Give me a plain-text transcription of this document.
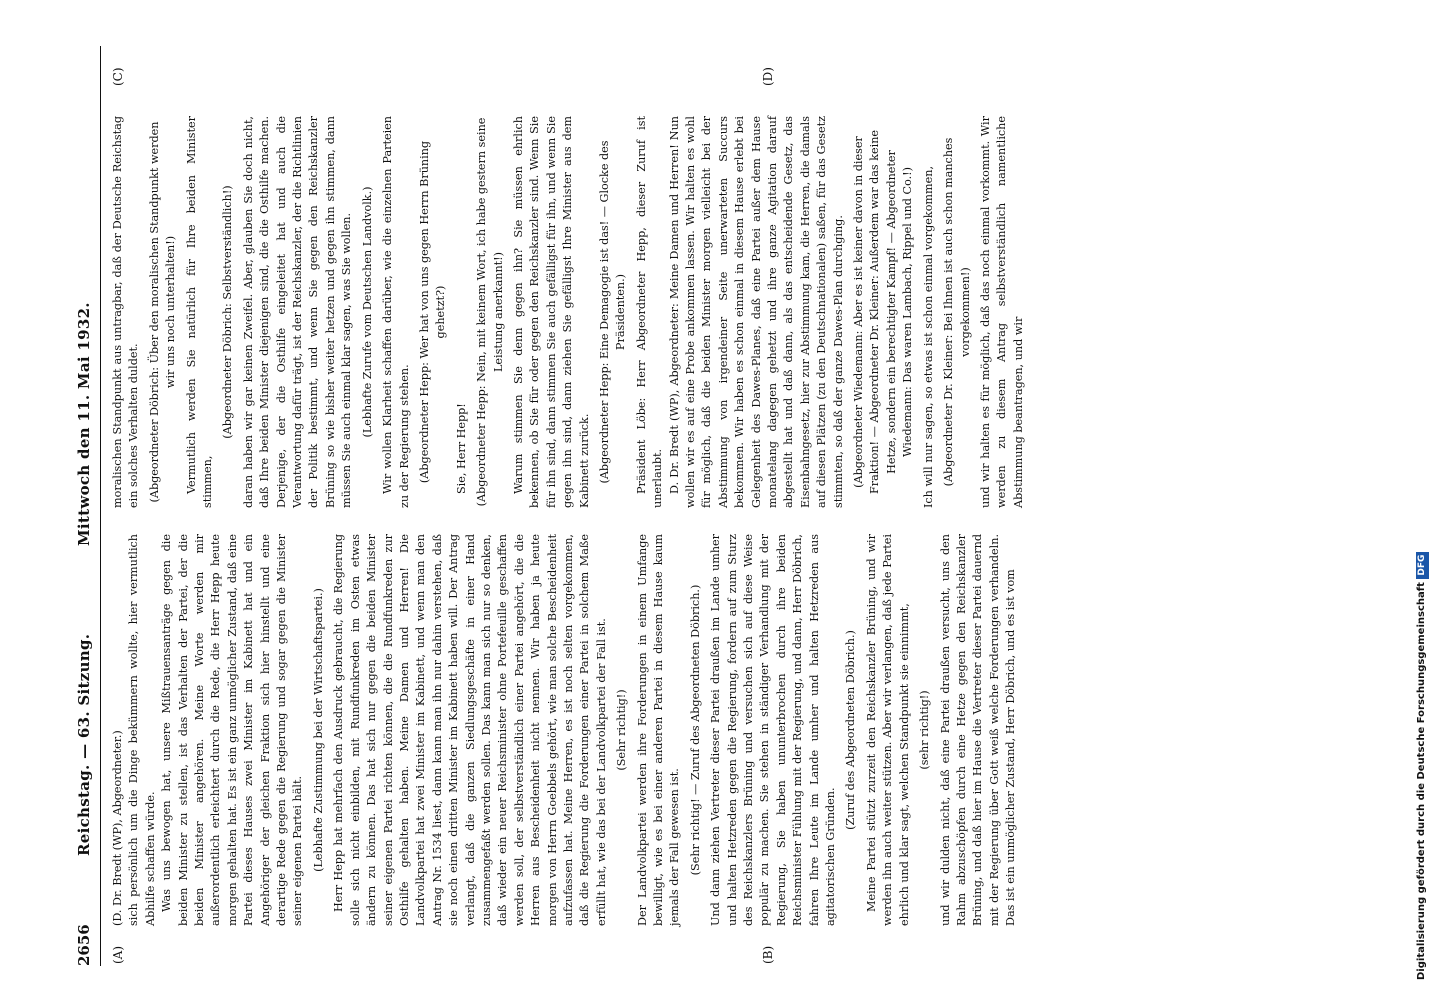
2656
Reichstag. — 63. Sitzung.
Mittwoch den 11. Mai 1932.
(A)	(B)
(C)	(D)

(D. Dr. Bredt (WP), Abgeordneter.) sich persönlich um die Dinge bekümmern wollte, hier vermutlich Abhilfe schaffen würde. Was uns bewogen hat, unsere Mißtrauensanträge gegen die beiden Minister zu stellen, ist das Verhalten der Partei, der die beiden Minister angehören. Meine Worte werden mir außerordentlich erleichtert durch die Rede, die Herr Hepp heute morgen gehalten hat. Es ist ein ganz unmöglicher Zustand, daß eine Partei dieses Hauses zwei Minister im Kabinett hat und ein Angehöriger der gleichen Fraktion sich hier hinstellt und eine derartige Rede gegen die Regierung und sogar gegen die Minister seiner eigenen Partei hält. (Lebhafte Zustimmung bei der Wirtschaftspartei.) Herr Hepp hat mehrfach den Ausdruck gebraucht, die Regierung solle sich nicht einbilden, mit Rundfunkreden im Osten etwas ändern zu können. Das hat sich nur gegen die beiden Minister seiner eigenen Partei richten können, die die Rundfunkreden zur Osthilfe gehalten haben. Meine Damen und Herren! Die Landvolkpartei hat zwei Minister im Kabinett, und wenn man den Antrag Nr. 1534 liest, dann kann man ihn nur dahin verstehen, daß sie noch einen dritten Minister im Kabinett haben will. Der Antrag verlangt, daß die ganzen Siedlungsgeschäfte in einer Hand zusammengefaßt werden sollen. Das kann man sich nur so denken, daß wieder ein neuer Reichsminister ohne Portefeuille geschaffen werden soll, der selbstverständlich einer Partei angehört, die die Herren aus Bescheidenheit nicht nennen. Wir haben ja heute morgen von Herrn Goebbels gehört, wie man solche Bescheidenheit aufzufassen hat. Meine Herren, es ist noch selten vorgekommen, daß die Regierung die Forderungen einer Partei in solchem Maße erfüllt hat, wie das bei der Landvolkpartei der Fall ist. (Sehr richtig!) Der Landvolkpartei werden ihre Forderungen in einem Umfange bewilligt, wie es bei einer anderen Partei in diesem Hause kaum jemals der Fall gewesen ist. (Sehr richtig! — Zuruf des Abgeordneten Döbrich.) Und dann ziehen Vertreter dieser Partei draußen im Lande umher und halten Hetzreden gegen die Regierung, fordern auf zum Sturz des Reichskanzlers Brüning und versuchen sich auf diese Weise populär zu machen. Sie stehen in ständiger Verhandlung mit der Regierung, Sie haben ununterbrochen durch ihre beiden Reichsminister Fühlung mit der Regierung, und dann, Herr Döbrich, fahren Ihre Leute im Lande umher und halten Hetzreden aus agitatorischen Gründen.

(Zuruf des Abgeordneten Döbrich.) Meine Partei stützt zurzeit den Reichskanzler Brüning, und wir werden ihn auch weiter stützen. Aber wir verlangen, daß jede Partei ehrlich und klar sagt, welchen Standpunkt sie einnimmt, (sehr richtig!) und wir dulden nicht, daß eine Partei draußen versucht, uns den Rahm abzuschöpfen durch eine Hetze gegen den Reichskanzler Brüning, und daß hier im Hause die Vertreter dieser Partei dauernd mit der Regierung über Gott weiß welche Forderungen verhandeln. Das ist ein unmöglicher Zustand, Herr Döbrich, und es ist vom

moralischen Standpunkt aus untragbar, daß der Deutsche Reichstag ein solches Verhalten duldet. (Abgeordneter Döbrich: Über den moralischen Standpunkt werden wir uns noch unterhalten!) Vermutlich werden Sie natürlich für Ihre beiden Minister stimmen,

(Abgeordneter Döbrich: Selbstverständlich!) daran haben wir gar keinen Zweifel. Aber, glauben Sie doch nicht, daß Ihre beiden Minister diejenigen sind, die die Osthilfe machen. Derjenige, der die Osthilfe eingeleitet hat und auch die Verantwortung dafür trägt, ist der Reichskanzler, der die Richtlinien der Politik bestimmt, und wenn Sie gegen den Reichskanzler Brüning so wie bisher weiter hetzen und gegen ihn stimmen, dann müssen Sie auch einmal klar sagen, was Sie wollen. (Lebhafte Zurufe vom Deutschen Landvolk.) Wir wollen Klarheit schaffen darüber, wie die einzelnen Parteien zu der Regierung stehen. (Abgeordneter Hepp: Wer hat von uns gegen Herrn Brüning gehetzt?)

Sie, Herr Hepp! (Abgeordneter Hepp: Nein, mit keinem Wort, ich habe gestern seine Leistung anerkannt!) Warum stimmen Sie denn gegen ihn? Sie müssen ehrlich bekennen, ob Sie für oder gegen den Reichskanzler sind. Wenn Sie für ihn sind, dann stimmen Sie auch gefälligst für ihn, und wenn Sie gegen ihn sind, dann ziehen Sie gefälligst Ihre Minister aus dem Kabinett zurück. (Abgeordneter Hepp: Eine Demagogie ist das! — Glocke des Präsidenten.) Präsident Löbe: Herr Abgeordneter Hepp, dieser Zuruf ist unerlaubt. D. Dr. Bredt (WP), Abgeordneter: Meine Damen und Herren! Nun wollen wir es auf eine Probe ankommen lassen. Wir halten es wohl für möglich, daß die beiden Minister morgen vielleicht bei der Abstimmung von irgendeiner Seite unerwarteten Succurs bekommen. Wir haben es schon einmal in diesem Hause erlebt bei Gelegenheit des Dawes-Planes, daß eine Partei außer dem Hause monatelang dagegen gehetzt und ihre ganze Agitation darauf abgestellt hat und daß dann, als das entscheidende Gesetz, das Eisenbahngesetz, hier zur Abstimmung kam, die Herren, die damals auf diesen Plätzen (zu den Deutschnationalen) saßen, für das Gesetz stimmten, so daß der ganze Dawes-Plan durchging. (Abgeordneter Wiedemann: Aber es ist keiner davon in dieser Fraktion! — Abgeordneter Dr. Kleiner: Außerdem war das keine Hetze, sondern ein berechtigter Kampf! — Abgeordneter Wiedemann: Das waren Lambach, Rippel und Co.!) Ich will nur sagen, so etwas ist schon einmal vorgekommen, (Abgeordneter Dr. Kleiner: Bei Ihnen ist auch schon manches vorgekommen!) und wir halten es für möglich, daß das noch einmal vorkommt. Wir werden zu diesem Antrag selbstverständlich namentliche Abstimmung beantragen, und wir

Digitalisierung gefördert durch die Deutsche Forschungsgemeinschaft DFG
